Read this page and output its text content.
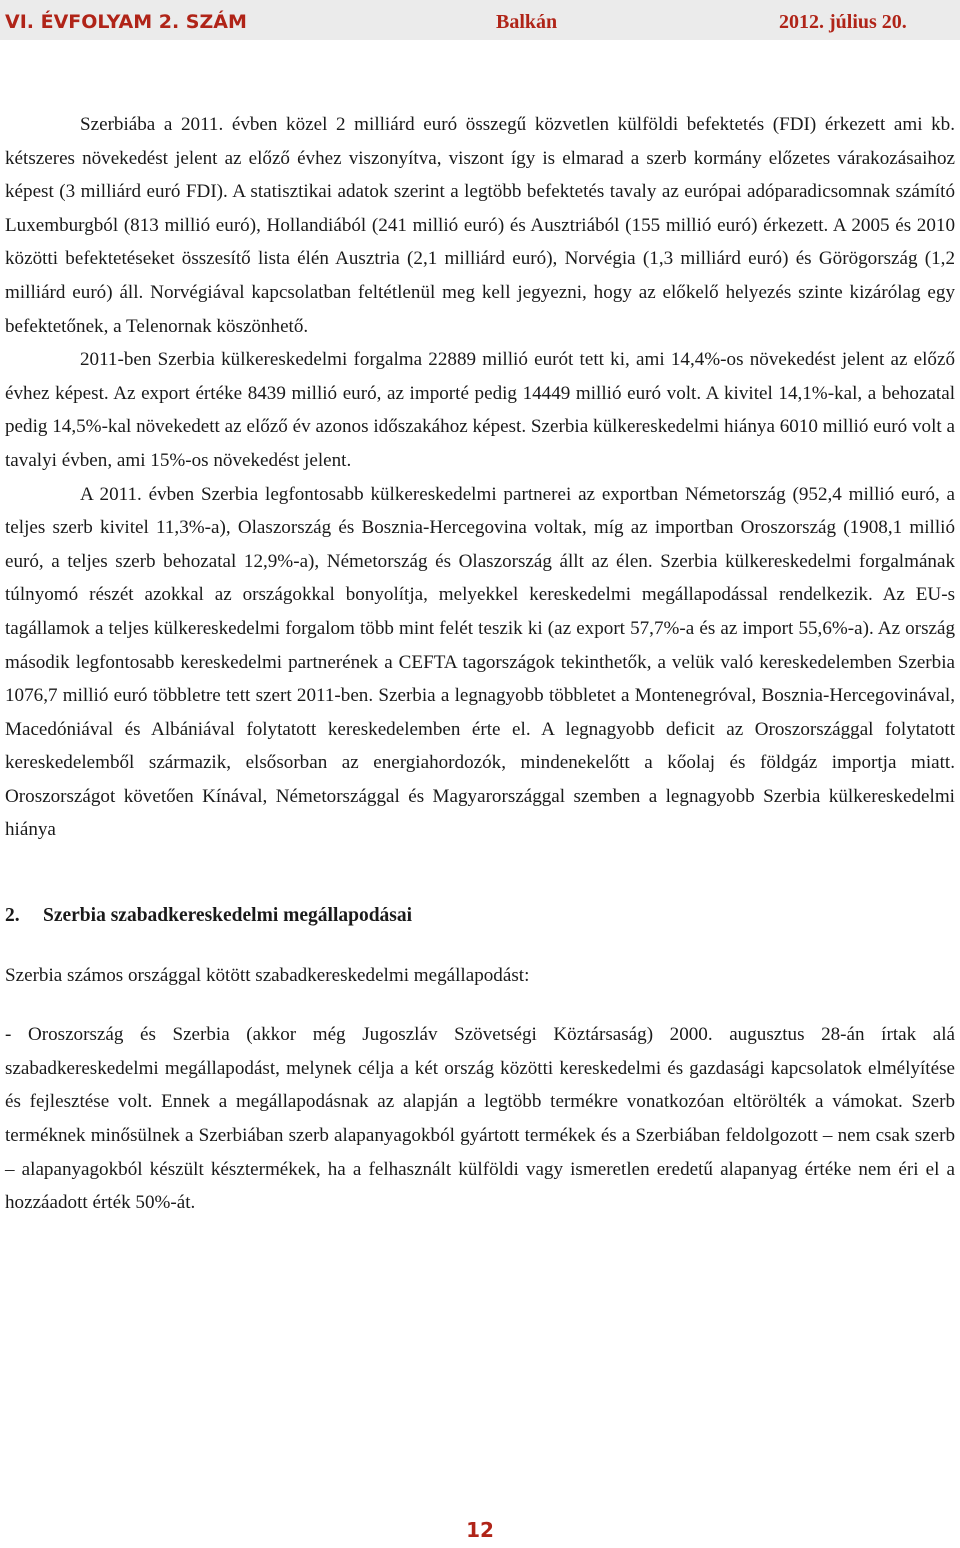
VI. ÉVFOLYAM 2. SZÁM	Balkán	2012. július 20.

Szerbiába a 2011. évben közel 2 milliárd euró összegű közvetlen külföldi befektetés (FDI) érkezett ami kb. kétszeres növekedést jelent az előző évhez viszonyítva, viszont így is elmarad a szerb kormány előzetes várakozásaihoz képest (3 milliárd euró FDI). A statisztikai adatok szerint a legtöbb befektetés tavaly az európai adóparadicsomnak számító Luxemburgból (813 millió euró), Hollandiából (241 millió euró) és Ausztriából (155 millió euró) érkezett. A 2005 és 2010 közötti befektetéseket összesítő lista élén Ausztria (2,1 milliárd euró), Norvégia (1,3 milliárd euró) és Görögország (1,2 milliárd euró) áll. Norvégiával kapcsolatban feltétlenül meg kell jegyezni, hogy az előkelő helyezés szinte kizárólag egy befektetőnek, a Telenornak köszönhető.

2011-ben Szerbia külkereskedelmi forgalma 22889 millió eurót tett ki, ami 14,4%-os növekedést jelent az előző évhez képest. Az export értéke 8439 millió euró, az importé pedig 14449 millió euró volt. A kivitel 14,1%-kal, a behozatal pedig 14,5%-kal növekedett az előző év azonos időszakához képest. Szerbia külkereskedelmi hiánya 6010 millió euró volt a tavalyi évben, ami 15%-os növekedést jelent.

A 2011. évben Szerbia legfontosabb külkereskedelmi partnerei az exportban Németország (952,4 millió euró, a teljes szerb kivitel 11,3%-a), Olaszország és Bosznia-Hercegovina voltak, míg az importban Oroszország (1908,1 millió euró, a teljes szerb behozatal 12,9%-a), Németország és Olaszország állt az élen. Szerbia külkereskedelmi forgalmának túlnyomó részét azokkal az országokkal bonyolítja, melyekkel kereskedelmi megállapodással rendelkezik. Az EU-s tagállamok a teljes külkereskedelmi forgalom több mint felét teszik ki (az export 57,7%-a és az import 55,6%-a). Az ország második legfontosabb kereskedelmi partnerének a CEFTA tagországok tekinthetők, a velük való kereskedelemben Szerbia 1076,7 millió euró többletre tett szert 2011-ben. Szerbia a legnagyobb többletet a Montenegróval, Bosznia-Hercegovinával, Macedóniával és Albániával folytatott kereskedelemben érte el. A legnagyobb deficit az Oroszországgal folytatott kereskedelemből származik, elsősorban az energiahordozók, mindenekelőtt a kőolaj és földgáz importja miatt. Oroszországot követően Kínával, Németországgal és Magyarországgal szemben a legnagyobb Szerbia külkereskedelmi hiánya

2. Szerbia szabadkereskedelmi megállapodásai

Szerbia számos országgal kötött szabadkereskedelmi megállapodást:

- Oroszország és Szerbia (akkor még Jugoszláv Szövetségi Köztársaság) 2000. augusztus 28-án írtak alá szabadkereskedelmi megállapodást, melynek célja a két ország közötti kereskedelmi és gazdasági kapcsolatok elmélyítése és fejlesztése volt. Ennek a megállapodásnak az alapján a legtöbb termékre vonatkozóan eltörölték a vámokat. Szerb terméknek minősülnek a Szerbiában szerb alapanyagokból gyártott termékek és a Szerbiában feldolgozott – nem csak szerb – alapanyagokból készült késztermékek, ha a felhasznált külföldi vagy ismeretlen eredetű alapanyag értéke nem éri el a hozzáadott érték 50%-át.

12
